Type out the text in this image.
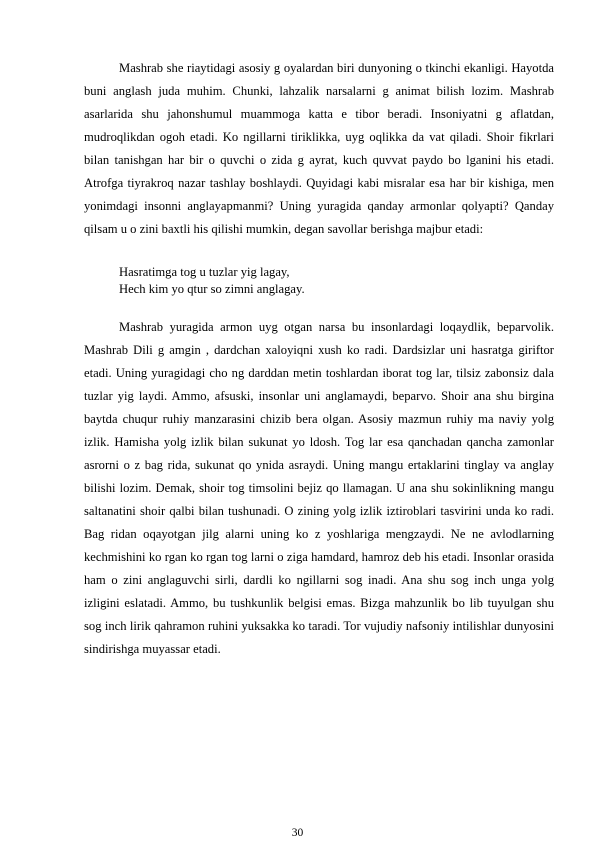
Mashrab she riaytidagi asosiy g oyalardan biri dunyoning o tkinchi ekanligi. Hayotda buni anglash juda muhim. Chunki, lahzalik narsalarni g animat bilish lozim. Mashrab asarlarida shu jahonshumul muammoga katta e tibor beradi. Insoniyatni g aflatdan, mudroqlikdan ogoh etadi. Ko ngillarni tiriklikka, uyg oqlikka da vat qiladi. Shoir fikrlari bilan tanishgan har bir o quvchi o zida g ayrat, kuch quvvat paydo bo lganini his etadi. Atrofga tiyrakroq nazar tashlay boshlaydi. Quyidagi kabi misralar esa har bir kishiga, men yonimdagi insonni anglayapmanmi? Uning yuragida qanday armonlar qolyapti? Qanday qilsam u o zini baxtli his qilishi mumkin, degan savollar berishga majbur etadi:

Hasratimga tog u tuzlar yig lagay,
Hech kim yo qtur so zimni anglagay.

Mashrab yuragida armon uyg otgan narsa bu insonlardagi loqaydlik, beparvolik. Mashrab Dili g amgin , dardchan xaloyiqni xush ko radi. Dardsizlar uni hasratga giriftor etadi. Uning yuragidagi cho ng darddan metin toshlardan iborat tog lar, tilsiz zabonsiz dala tuzlar yig laydi. Ammo, afsuski, insonlar uni anglamaydi, beparvo. Shoir ana shu birgina baytda chuqur ruhiy manzarasini chizib bera olgan. Asosiy mazmun ruhiy ma naviy yolg izlik. Hamisha yolg izlik bilan sukunat yo ldosh. Tog lar esa qanchadan qancha zamonlar asrorni o z bag rida, sukunat qo ynida asraydi. Uning mangu ertaklarini tinglay va anglay bilishi lozim. Demak, shoir tog timsolini bejiz qo llamagan. U ana shu sokinlikning mangu saltanatini shoir qalbi bilan tushunadi. O zining yolg izlik iztiroblari tasvirini unda ko radi. Bag ridan oqayotgan jilg alarni uning ko z yoshlariga mengzaydi. Ne ne avlodlarning kechmishini ko rgan ko rgan tog larni o ziga hamdard, hamroz deb his etadi. Insonlar orasida ham o zini anglaguvchi sirli, dardli ko ngillarni sog inadi. Ana shu sog inch unga yolg izligini eslatadi. Ammo, bu tushkunlik belgisi emas. Bizga mahzunlik bo lib tuyulgan shu sog inch lirik qahramon ruhini yuksakka ko taradi. Tor vujudiy nafsoniy intilishlar dunyosini sindirishga muyassar etadi.

30
